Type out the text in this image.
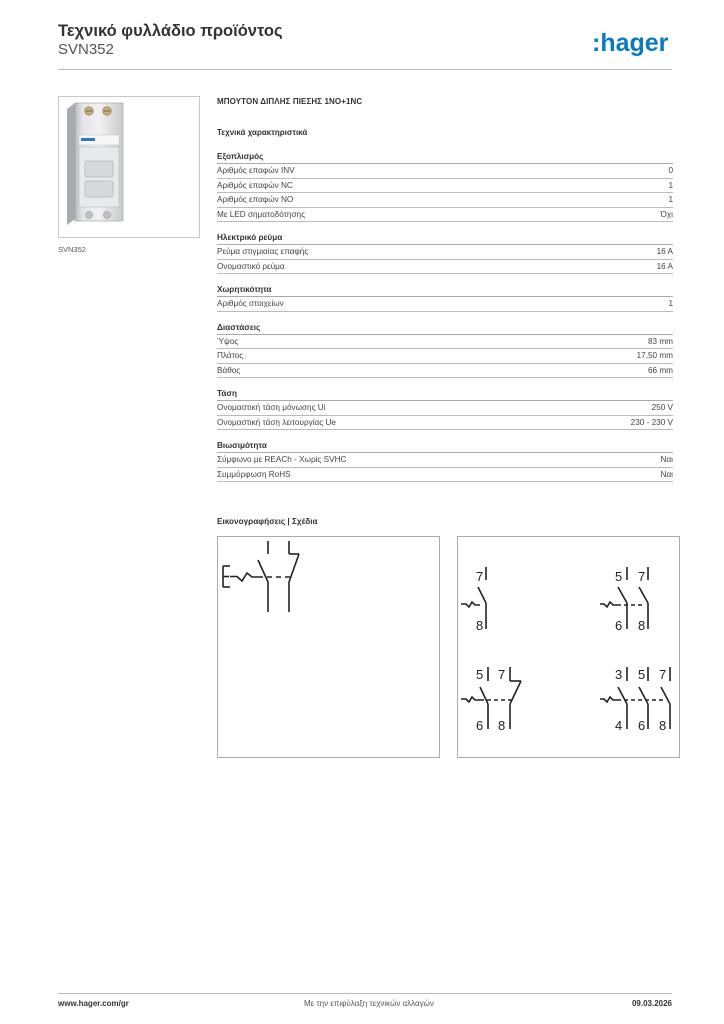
Τεχνικό φυλλάδιο προϊόντος
SVN352	:hager
SVN352
ΜΠΟΥΤΟΝ ΔΙΠΛΗΣ ΠΙΕΣΗΣ 1NO+1NC
Τεχνικά χαρακτηριστικά
Εξοπλισμός
Αριθμός επαφών INV	0
Αριθμός επαφών NC	1
Αριθμός επαφών NO	1
Με LED σηματοδότησης	Όχι
Ηλεκτρικό ρεύμα
Ρεύμα στιγμιαίας επαφής	16 A
Ονομαστικό ρεύμα	16 A
Χωρητικότητα
Αριθμός στοιχείων	1
Διαστάσεις
Ύψος	83 mm
Πλάτος	17,50 mm
Βάθος	66 mm
Τάση
Ονομαστική τάση μόνωσης Ui	250 V
Ονομαστική τάση λειτουργίας Ue	230 - 230 V
Βιωσιμότητα
Σύμφωνο με REACh - Χωρίς SVHC	Ναι
Συμμόρφωση RoHS	Ναι
Εικονογραφήσεις | Σχέδια
7
8
5 7
6 8
5 7
6 8
3 5 7
4 6 8
www.hager.com/gr	Με την επιφύλαξη τεχνικών αλλαγών	09.03.2026
